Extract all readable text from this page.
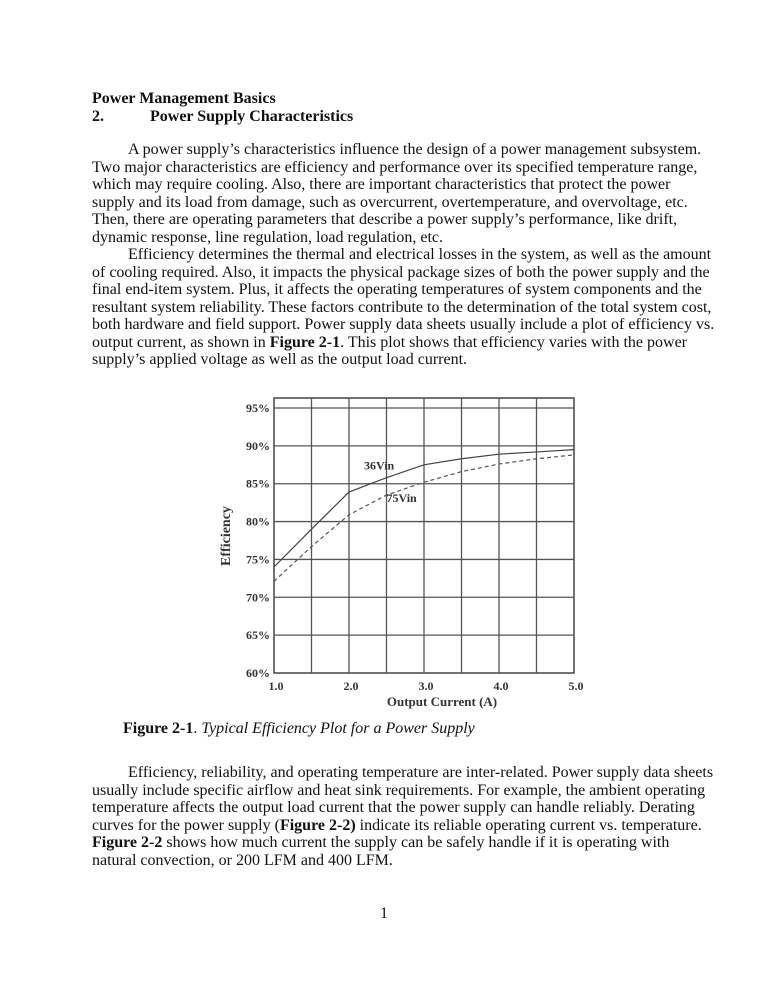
Power Management Basics
2.	Power Supply Characteristics
A power supply’s characteristics influence the design of a power management subsystem.
Two major characteristics are efficiency and performance over its specified temperature range,
which may require cooling. Also, there are important characteristics that protect the power
supply and its load from damage, such as overcurrent, overtemperature, and overvoltage, etc.
Then, there are operating parameters that describe a power supply’s performance, like drift,
dynamic response, line regulation, load regulation, etc.
Efficiency determines the thermal and electrical losses in the system, as well as the amount
of cooling required. Also, it impacts the physical package sizes of both the power supply and the
final end-item system. Plus, it affects the operating temperatures of system components and the
resultant system reliability. These factors contribute to the determination of the total system cost,
both hardware and field support. Power supply data sheets usually include a plot of efficiency vs.
output current, as shown in Figure 2-1. This plot shows that efficiency varies with the power
supply’s applied voltage as well as the output load current.
95%
90%
85%
80%
75%
70%
65%
60%
1.0	2.0	3.0	4.0	5.0
36Vin
75Vin
Efficiency
Output Current (A)
Figure 2-1. Typical Efficiency Plot for a Power Supply
Efficiency, reliability, and operating temperature are inter-related. Power supply data sheets
usually include specific airflow and heat sink requirements. For example, the ambient operating
temperature affects the output load current that the power supply can handle reliably. Derating
curves for the power supply (Figure 2-2) indicate its reliable operating current vs. temperature.
Figure 2-2 shows how much current the supply can be safely handle if it is operating with
natural convection, or 200 LFM and 400 LFM.
1
